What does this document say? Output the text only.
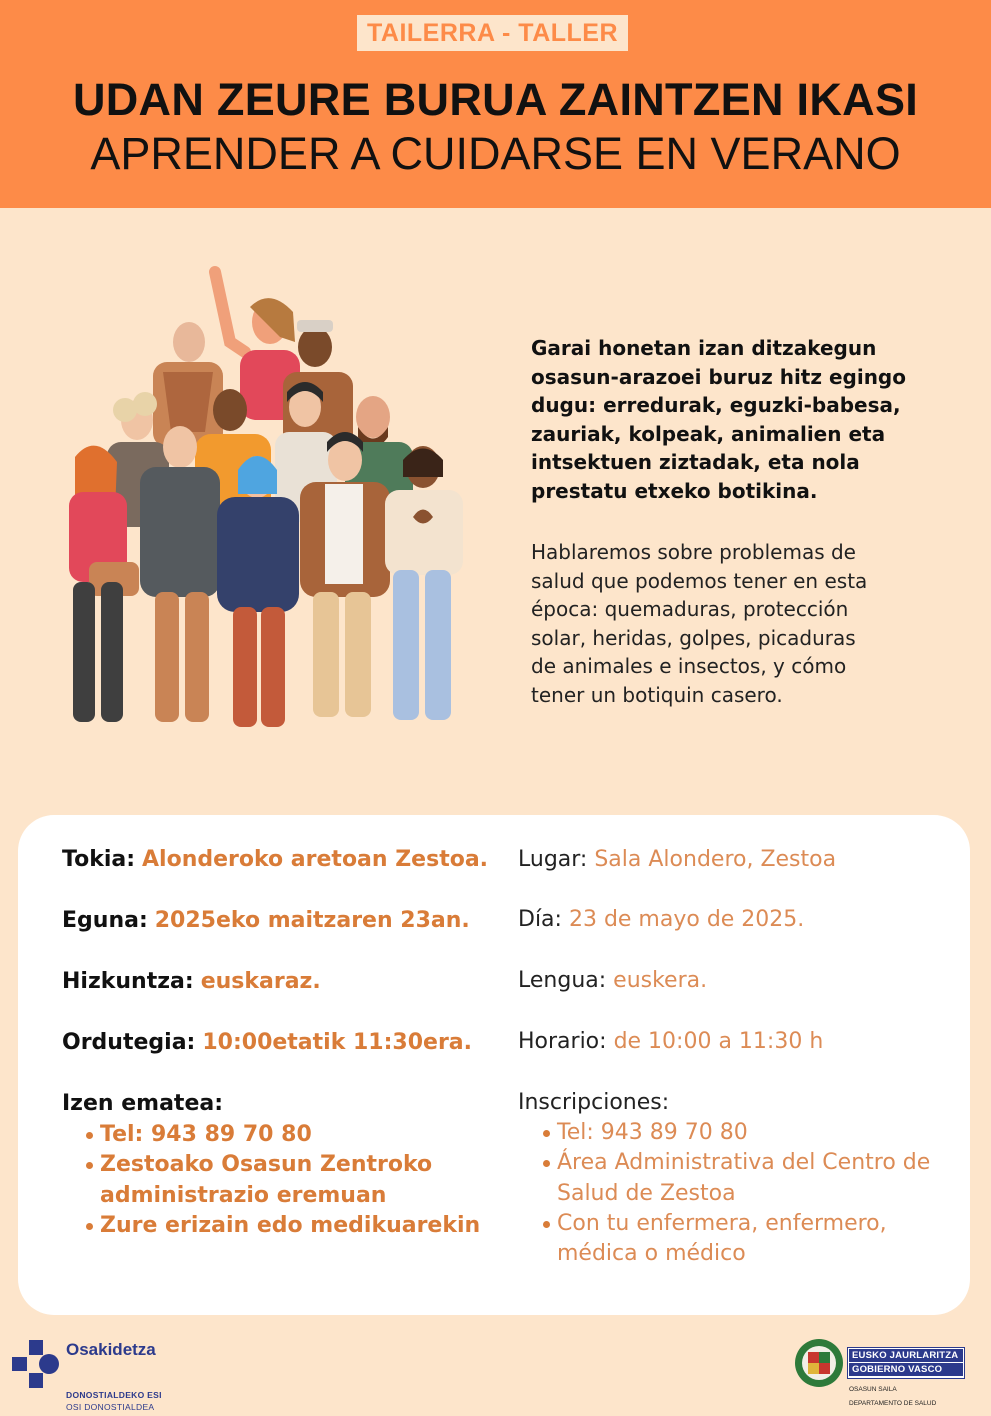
TAILERRA - TALLER
UDAN ZEURE BURUA ZAINTZEN IKASI
APRENDER A CUIDARSE EN VERANO
Garai honetan izan ditzakegun
osasun-arazoei buruz hitz egingo
dugu: erredurak, eguzki-babesa,
zauriak, kolpeak, animalien eta
intsektuen ziztadak, eta nola
prestatu etxeko botikina.
Hablaremos sobre problemas de
salud que podemos tener en esta
época: quemaduras, protección
solar, heridas, golpes, picaduras
de animales e insectos, y cómo
tener un botiquin casero.
Tokia: Alonderoko aretoan Zestoa.
Eguna: 2025eko maitzaren 23an.
Hizkuntza: euskaraz.
Ordutegia: 10:00etatik 11:30era.
Izen ematea:
Tel: 943 89 70 80
Zestoako Osasun Zentroko
administrazio eremuan
Zure erizain edo medikuarekin
Lugar: Sala Alondero, Zestoa
Día: 23 de mayo de 2025.
Lengua: euskera.
Horario: de 10:00 a 11:30 h
Inscripciones:
Tel: 943 89 70 80
Área Administrativa del Centro de
Salud de Zestoa
Con tu enfermera, enfermero,
médica o médico
Osakidetza
DONOSTIALDEKO ESI
OSI DONOSTIALDEA
EUSKO JAURLARITZA
GOBIERNO VASCO
OSASUN SAILA
DEPARTAMENTO DE SALUD
